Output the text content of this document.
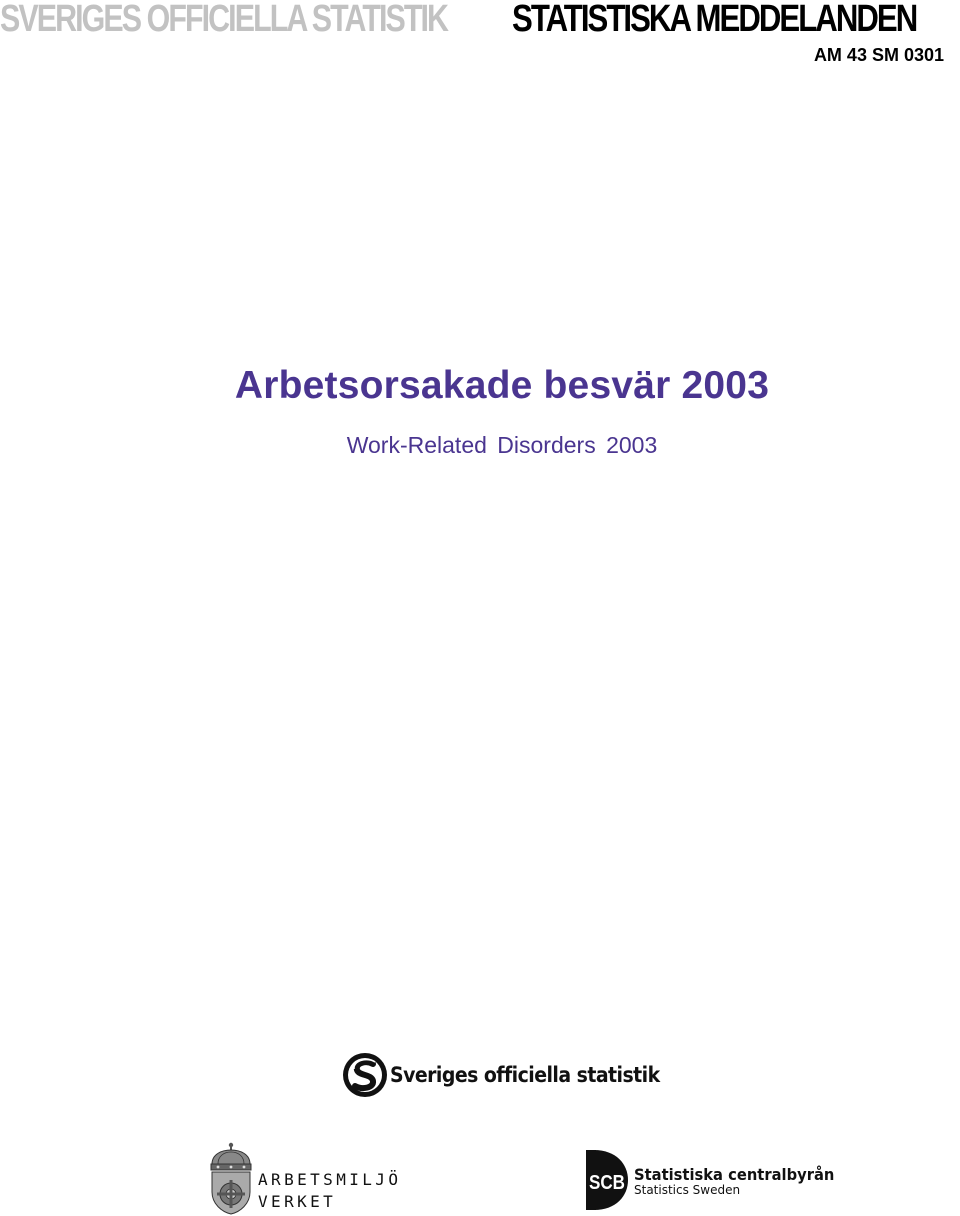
SVERIGES OFFICIELLA STATISTIK STATISTISKA MEDDELANDEN
AM 43 SM 0301
Arbetsorsakade besvär 2003
Work-Related Disorders 2003
Sveriges officiella statistik
ARBETSMILJÖ
VERKET
SCB Statistiska centralbyrån
Statistics Sweden
